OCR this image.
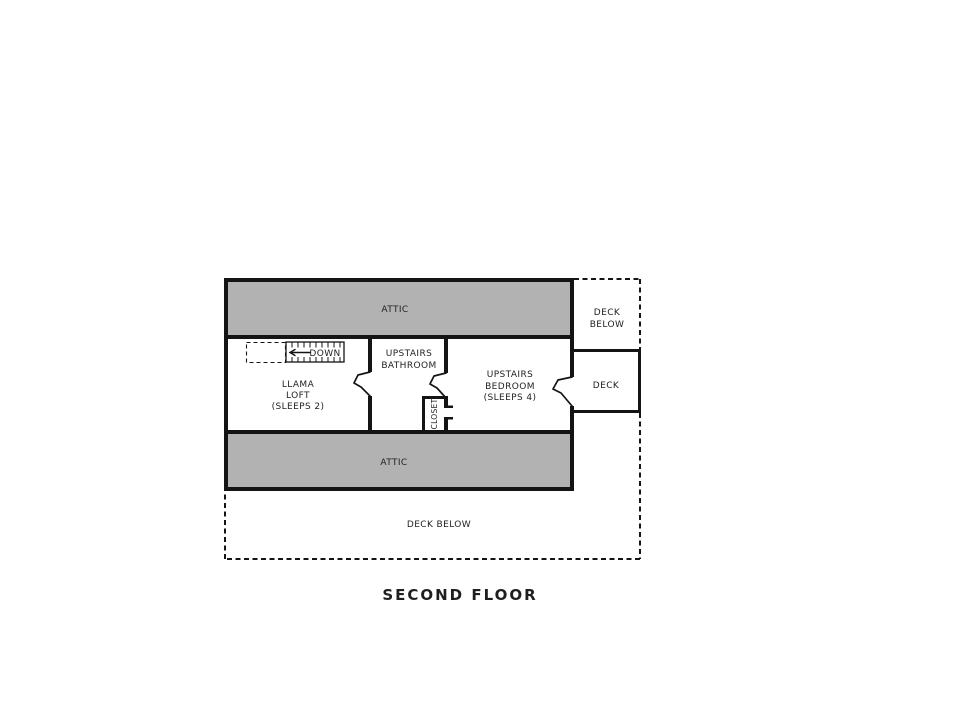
ATTIC	DECK
BELOW
DOWN	UPSTAIRS
BATHROOM
LLAMA
LOFT
(SLEEPS 2)
UPSTAIRS
BEDROOM
(SLEEPS 4)
DECK
CLOSET
ATTIC
DECK BELOW
SECOND FLOOR
